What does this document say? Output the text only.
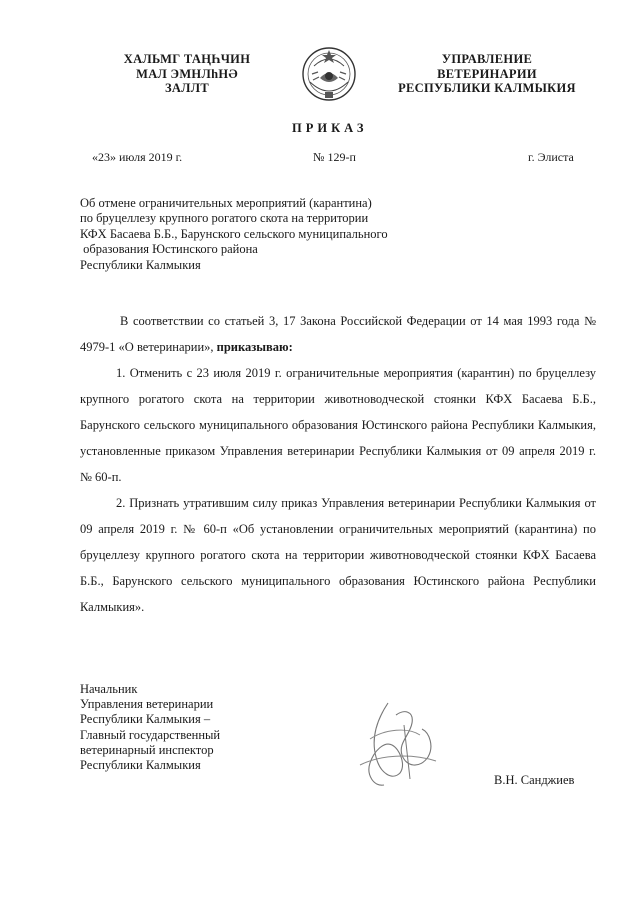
ХАЛЬМГ ТАҢҺЧИН
МАЛ ЭМНЛһНӘ
ЗАЛЛТ
УПРАВЛЕНИЕ
ВЕТЕРИНАРИИ
РЕСПУБЛИКИ КАЛМЫКИЯ
ПРИКАЗ
«23» июля 2019 г.	№ 129-п	г. Элиста
Об отмене ограничительных мероприятий (карантина)
по бруцеллезу крупного рогатого скота на территории
КФХ Басаева Б.Б., Барунского сельского муниципального
образования Юстинского района
Республики Калмыкия
В соответствии со статьей 3, 17 Закона Российской Федерации от 14 мая 1993 года № 4979-1 «О ветеринарии», приказываю:
1. Отменить с 23 июля 2019 г. ограничительные мероприятия (карантин) по бруцеллезу крупного рогатого скота на территории животноводческой стоянки КФХ Басаева Б.Б., Барунского сельского муниципального образования Юстинского района Республики Калмыкия, установленные приказом Управления ветеринарии Республики Калмыкия от 09 апреля 2019 г. № 60-п.
2. Признать утратившим силу приказ Управления ветеринарии Республики Калмыкия от 09 апреля 2019 г. № 60-п «Об установлении ограничительных мероприятий (карантина) по бруцеллезу крупного рогатого скота на территории животноводческой стоянки КФХ Басаева Б.Б., Барунского сельского муниципального образования Юстинского района Республики Калмыкия».
Начальник
Управления ветеринарии
Республики Калмыкия –
Главный государственный
ветеринарный инспектор
Республики Калмыкия
В.Н. Санджиев
